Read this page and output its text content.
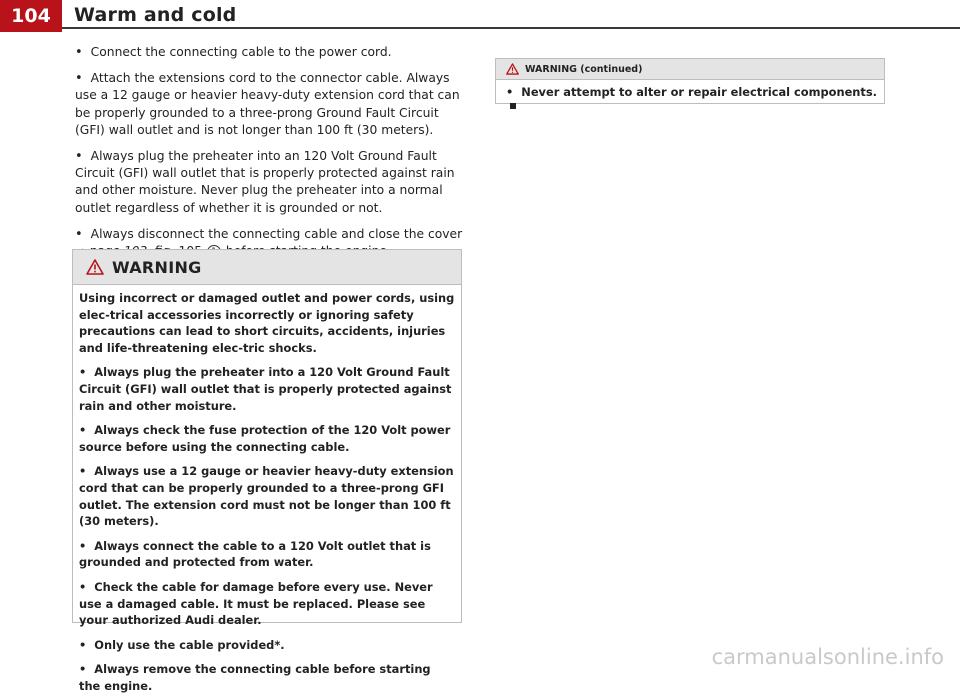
104	Warm and cold

• Connect the connecting cable to the power cord.

• Attach the extensions cord to the connector cable. Always use a 12 gauge or heavier heavy-duty extension cord that can be properly grounded to a three-prong Ground Fault Circuit (GFI) wall outlet and is not longer than 100 ft (30 meters).

• Always plug the preheater into an 120 Volt Ground Fault Circuit (GFI) wall outlet that is properly protected against rain and other moisture. Never plug the preheater into a normal outlet regardless of whether it is grounded or not.

• Always disconnect the connecting cable and close the cover

WARNING

Using incorrect or damaged outlet and power cords, using elec-trical accessories incorrectly or ignoring safety precautions can lead to short circuits, accidents, injuries and life-threatening elec-tric shocks.

• Always plug the preheater into a 120 Volt Ground Fault Circuit (GFI) wall outlet that is properly protected against rain and other moisture.

• Always check the fuse protection of the 120 Volt power source before using the connecting cable.

• Always use a 12 gauge or heavier heavy-duty extension cord that can be properly grounded to a three-prong GFI outlet. The extension cord must not be longer than 100 ft (30 meters).

• Always connect the cable to a 120 Volt outlet that is grounded and protected from water.

• Check the cable for damage before every use. Never use a damaged cable. It must be replaced. Please see your authorized Audi dealer.

• Only use the cable provided*.

• Always remove the connecting cable before starting the engine.

WARNING (continued)

• Never attempt to alter or repair electrical components.

carmanualsonline.info
